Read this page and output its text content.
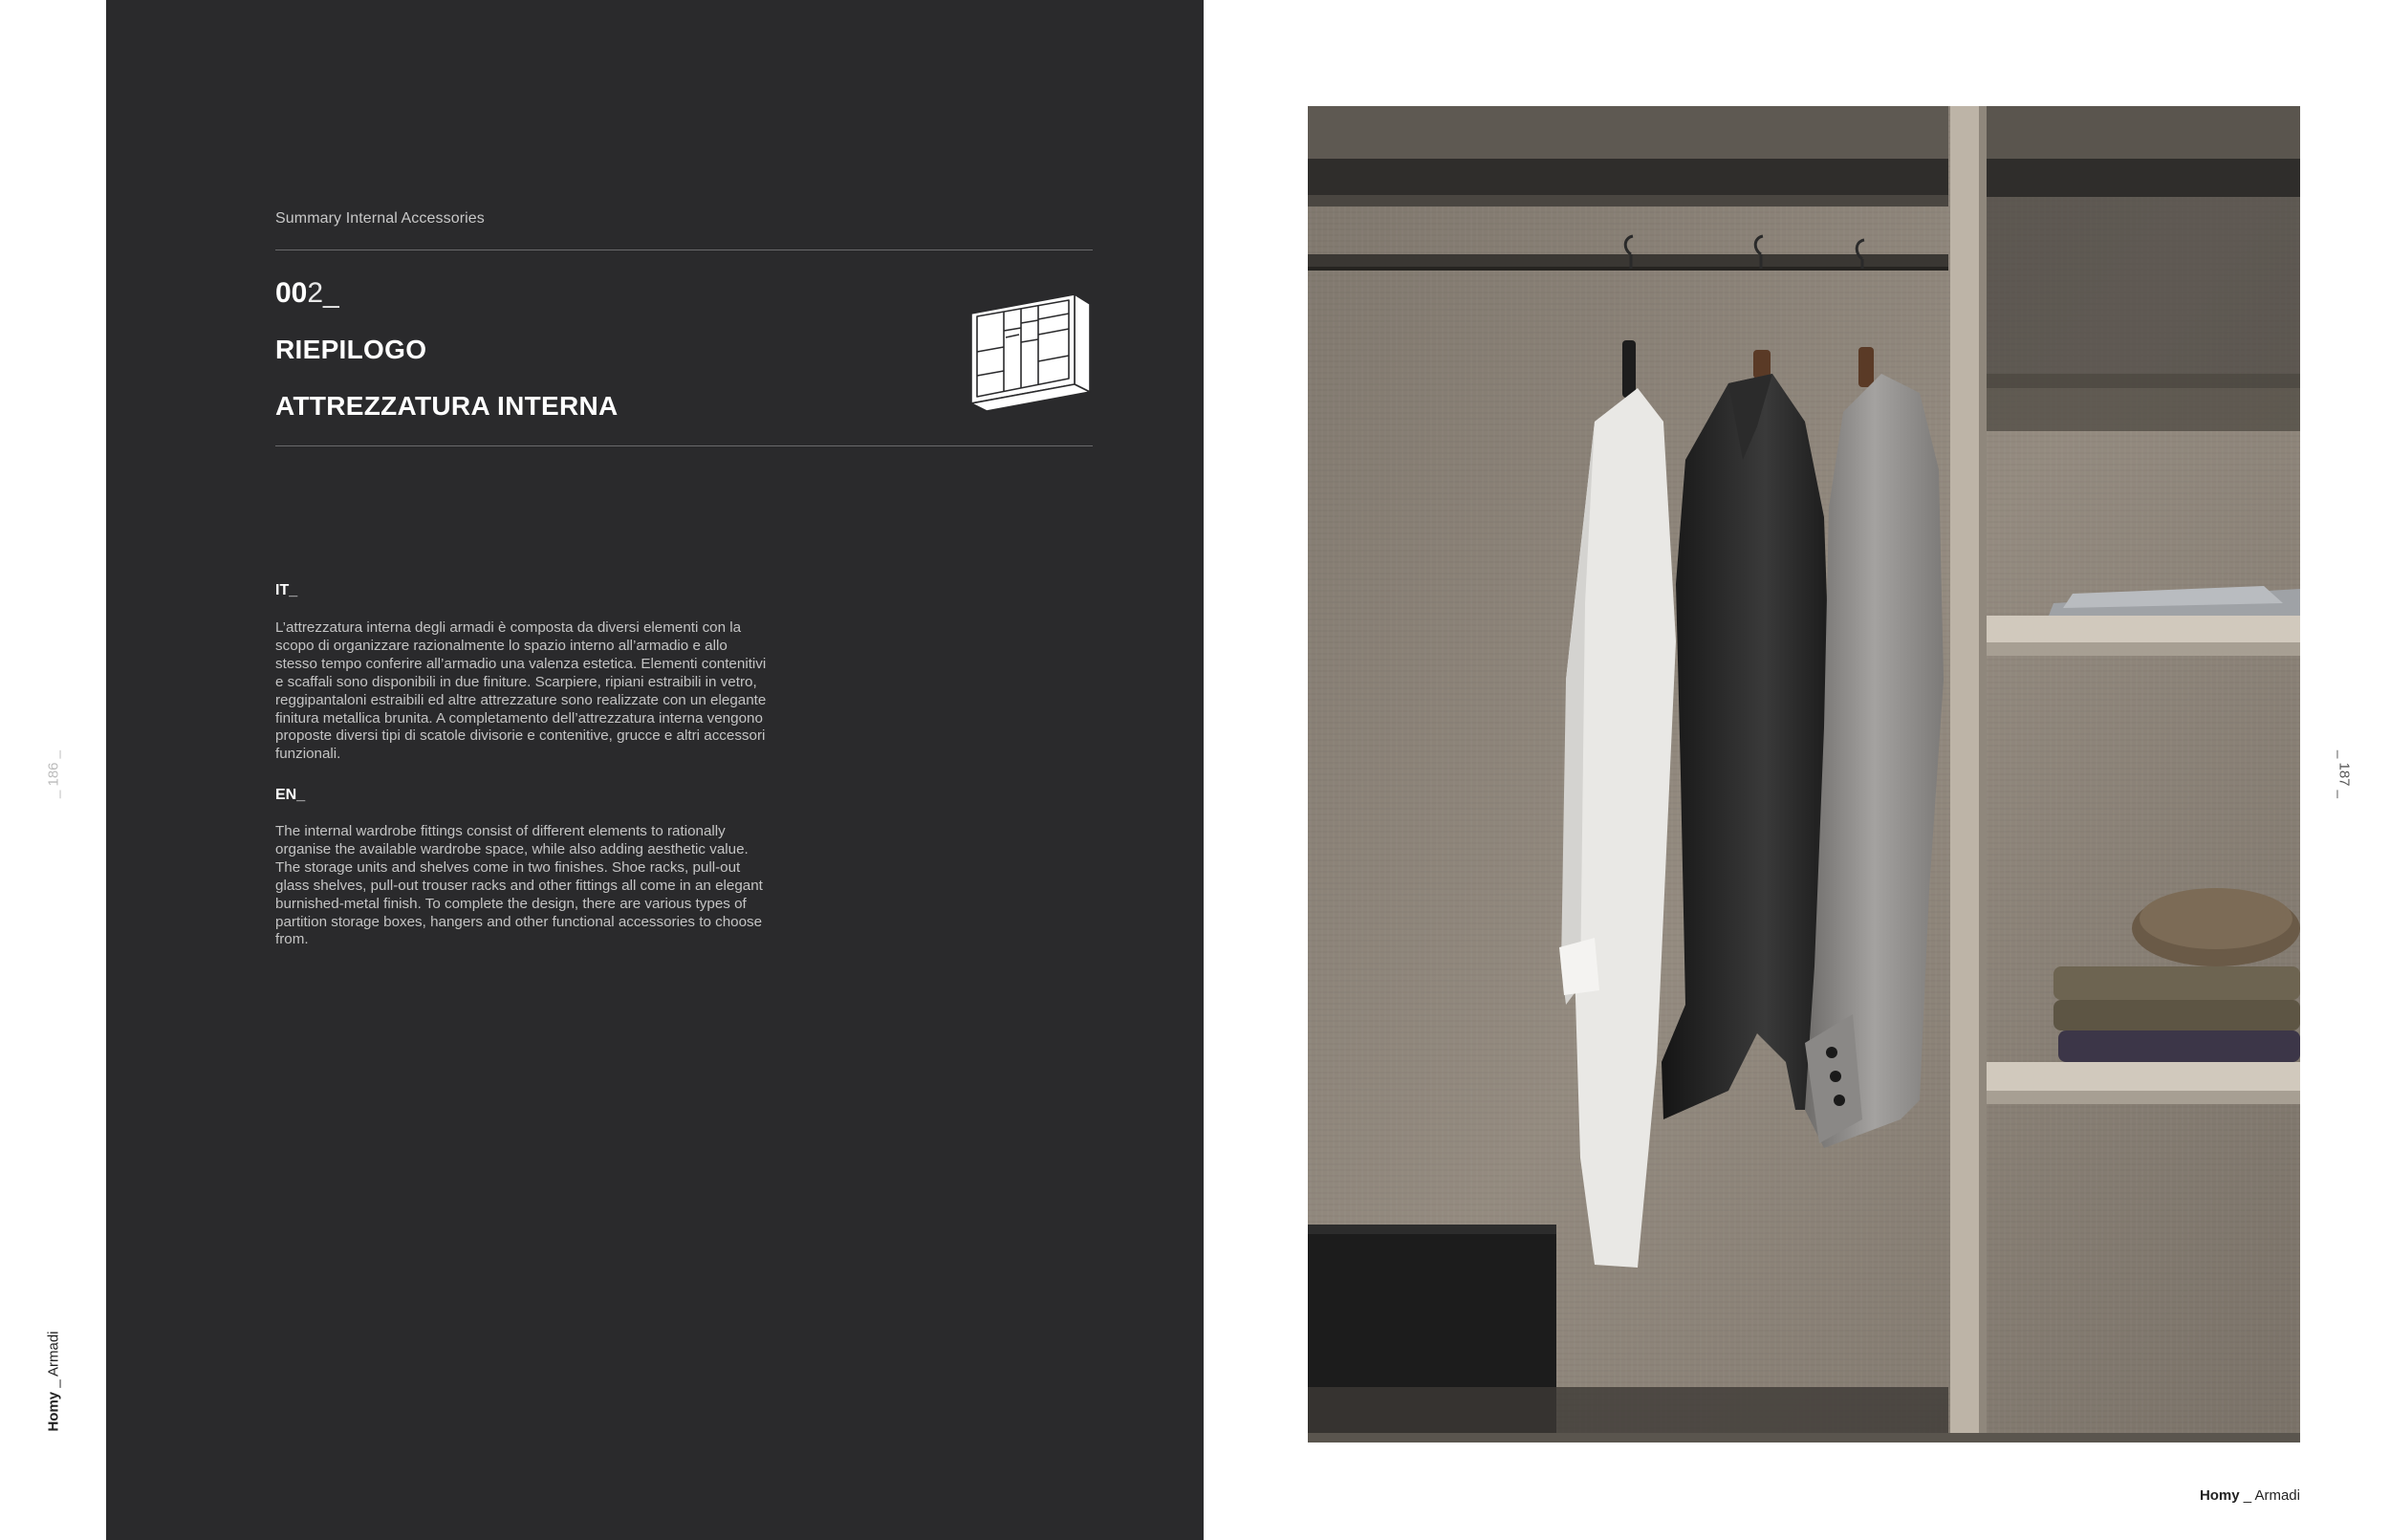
Summary Internal Accessories
002_
RIEPILOGO
ATTREZZATURA INTERNA
IT_

L’attrezzatura interna degli armadi è composta da diversi elementi con la scopo di organizzare razionalmente lo spazio interno all’armadio e allo stesso tempo conferire all’armadio una valenza estetica. Elementi contenitivi e scaffali sono disponibili in due finiture. Scarpiere, ripiani estraibili in vetro, reggipantaloni estraibili ed altre attrezzature sono realizzate con un elegante finitura metallica brunita. A completamento dell’attrezzatura interna vengono proposte diversi tipi di scatole divisorie e contenitive, grucce e altri accessori funzionali.

EN_

The internal wardrobe fittings consist of different elements to rationally organise the available wardrobe space, while also adding aesthetic value. The storage units and shelves come in two finishes. Shoe racks, pull-out glass shelves, pull-out trouser racks and other fittings all come in an elegant burnished-metal finish. To complete the design, there are various types of partition storage boxes, hangers and other functional accessories to choose from.

_ 186 _
Homy _ Armadi
_ 187 _
Homy _ Armadi
